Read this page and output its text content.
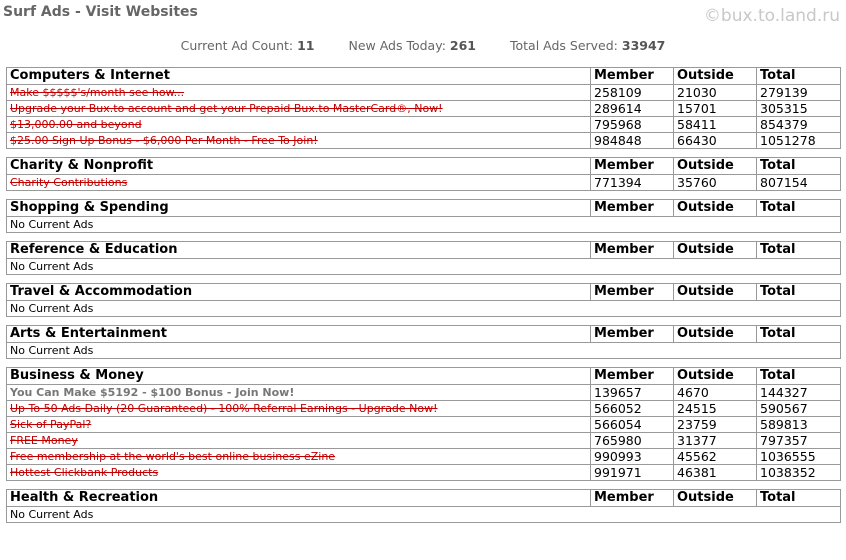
Surf Ads - Visit Websites	©bux.to.land.ru
Current Ad Count: 11	New Ads Today: 261	Total Ads Served: 33947
Computers & Internet	Member	Outside	Total
Make $$$$$'s/month see how...	258109	21030	279139
Upgrade your Bux.to account and get your Prepaid Bux.to MasterCard®, Now!	289614	15701	305315
$13,000.00 and beyond	795968	58411	854379
$25.00 Sign Up Bonus - $6,000 Per Month - Free To Join!	984848	66430	1051278
Charity & Nonprofit	Member	Outside	Total
Charity Contributions	771394	35760	807154
Shopping & Spending	Member	Outside	Total
No Current Ads
Reference & Education	Member	Outside	Total
No Current Ads
Travel & Accommodation	Member	Outside	Total
No Current Ads
Arts & Entertainment	Member	Outside	Total
No Current Ads
Business & Money	Member	Outside	Total
You Can Make $5192 - $100 Bonus - Join Now!	139657	4670	144327
Up To 50 Ads Daily (20 Guaranteed) - 100% Referral Earnings - Upgrade Now!	566052	24515	590567
Sick of PayPal?	566054	23759	589813
FREE Money	765980	31377	797357
Free membership at the world's best online business eZine	990993	45562	1036555
Hottest Clickbank Products	991971	46381	1038352
Health & Recreation	Member	Outside	Total
No Current Ads
